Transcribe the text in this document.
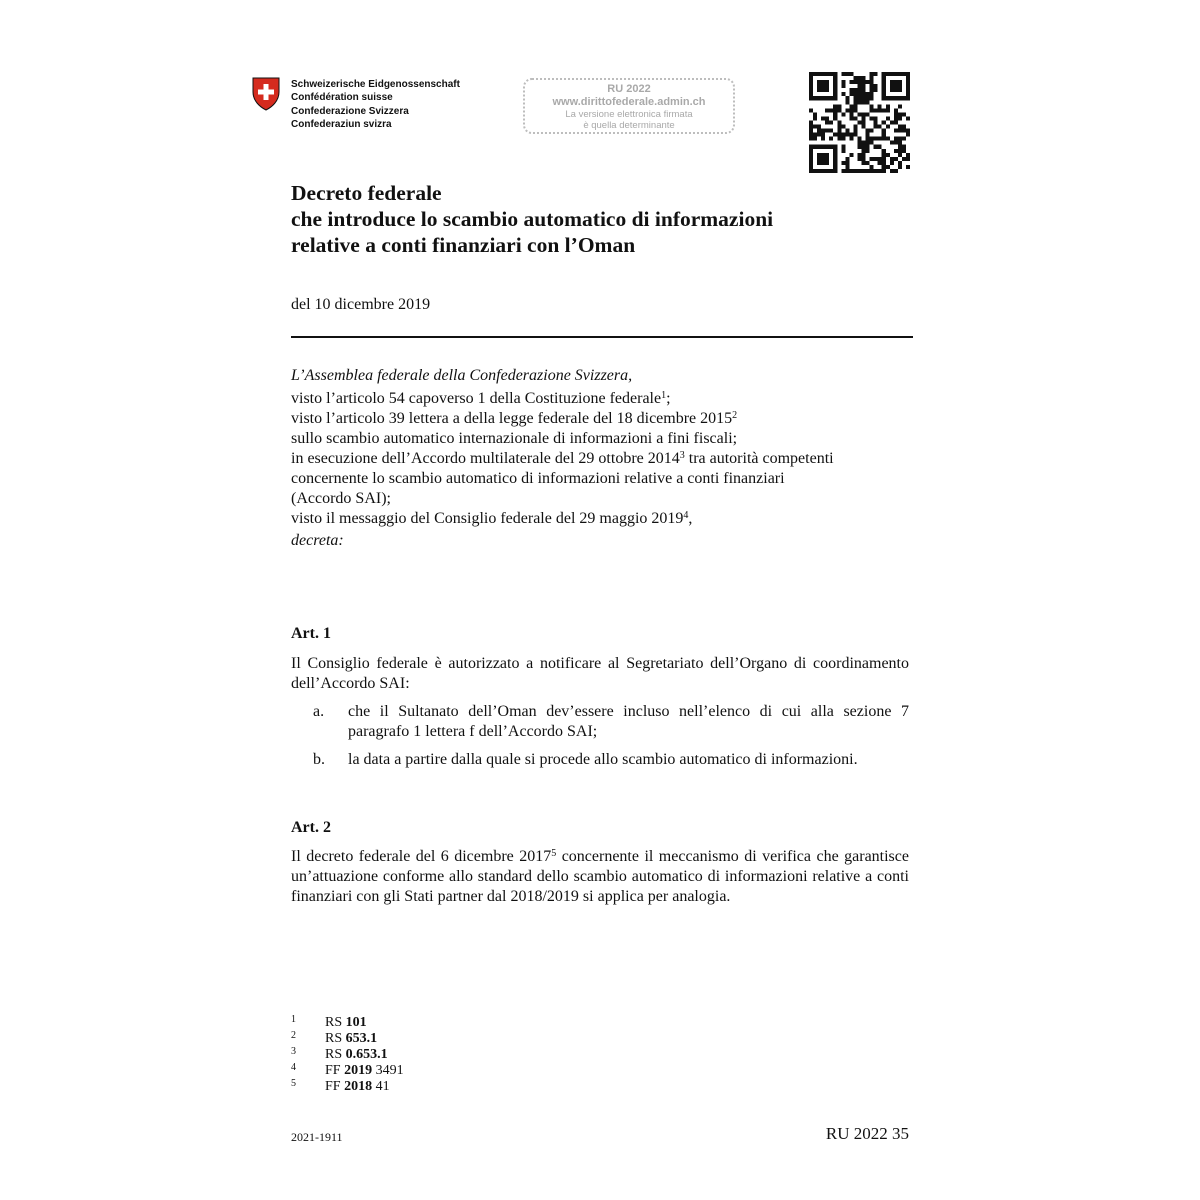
Schweizerische Eidgenossenschaft
Confédération suisse
Confederazione Svizzera
Confederaziun svizra
RU 2022
www.dirittofederale.admin.ch
La versione elettronica firmata
è quella determinante
Decreto federale
che introduce lo scambio automatico di informazioni
relative a conti finanziari con l’Oman
del 10 dicembre 2019
L’Assemblea federale della Confederazione Svizzera,
visto l’articolo 54 capoverso 1 della Costituzione federale$^1$;
visto l’articolo 39 lettera a della legge federale del 18 dicembre 2015$^2$
sullo scambio automatico internazionale di informazioni a fini fiscali;
in esecuzione dell’Accordo multilaterale del 29 ottobre 2014$^3$ tra autorità competenti
concernente lo scambio automatico di informazioni relative a conti finanziari
(Accordo SAI);
visto il messaggio del Consiglio federale del 29 maggio 2019$^4$,
decreta:
Art. 1
Il Consiglio federale è autorizzato a notificare al Segretariato dell’Organo di coordinamento dell’Accordo SAI:
a. che il Sultanato dell’Oman dev’essere incluso nell’elenco di cui alla sezione 7 paragrafo 1 lettera f dell’Accordo SAI;
b. la data a partire dalla quale si procede allo scambio automatico di informazioni.
Art. 2
Il decreto federale del 6 dicembre 2017$^5$ concernente il meccanismo di verifica che garantisce un’attuazione conforme allo standard dello scambio automatico di informazioni relative a conti finanziari con gli Stati partner dal 2018/2019 si applica per analogia.
1 RS 101
2 RS 653.1
3 RS 0.653.1
4 FF 2019 3491
5 FF 2018 41
2021-1911	RU 2022 35
